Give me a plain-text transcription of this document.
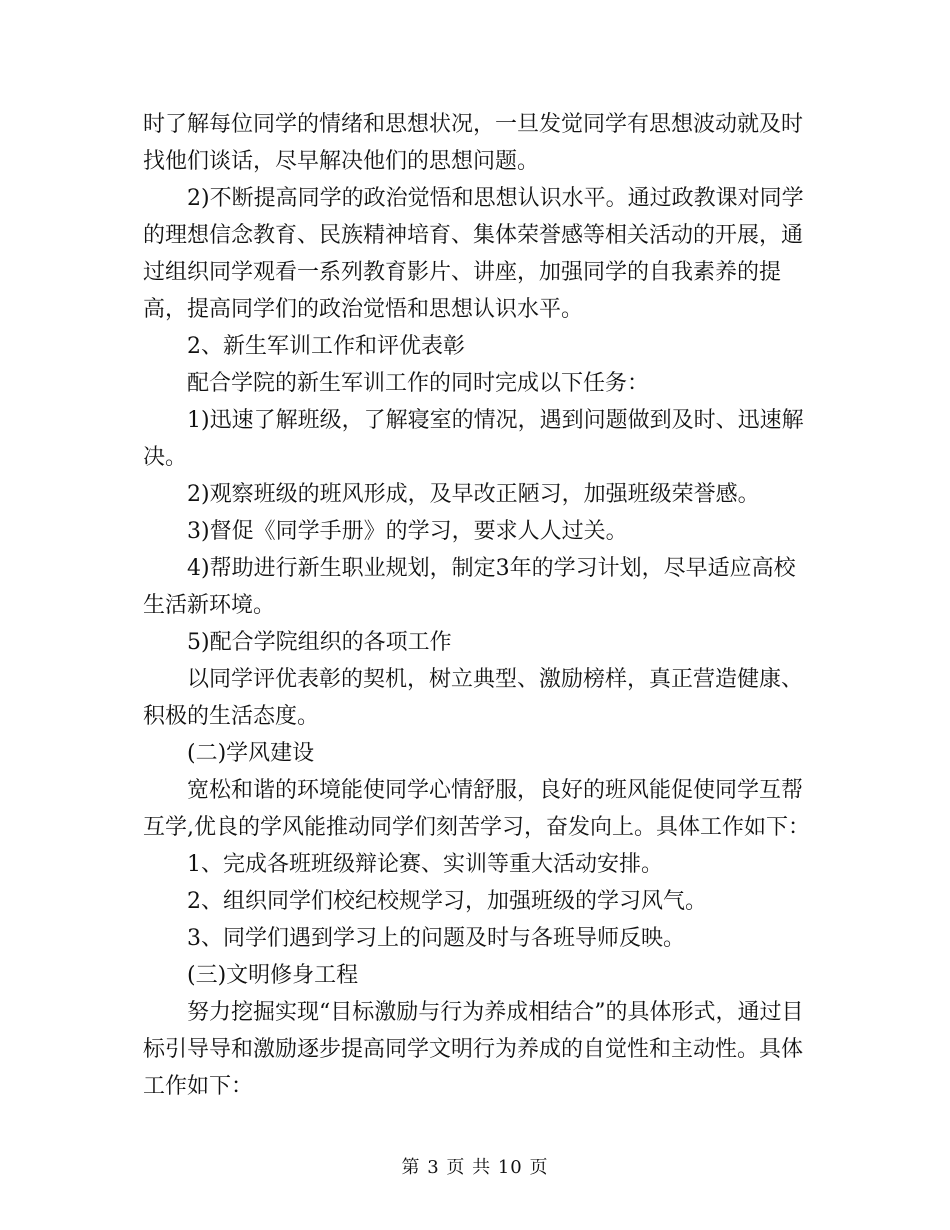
时了解每位同学的情绪和思想状况，一旦发觉同学有思想波动就及时找他们谈话，尽早解决他们的思想问题。

2)不断提高同学的政治觉悟和思想认识水平。通过政教课对同学的理想信念教育、民族精神培育、集体荣誉感等相关活动的开展，通过组织同学观看一系列教育影片、讲座，加强同学的自我素养的提高，提高同学们的政治觉悟和思想认识水平。

2、新生军训工作和评优表彰

配合学院的新生军训工作的同时完成以下任务：

1)迅速了解班级，了解寝室的情况，遇到问题做到及时、迅速解决。

2)观察班级的班风形成，及早改正陋习，加强班级荣誉感。

3)督促《同学手册》的学习，要求人人过关。

4)帮助进行新生职业规划，制定3年的学习计划，尽早适应高校生活新环境。

5)配合学院组织的各项工作

以同学评优表彰的契机，树立典型、激励榜样，真正营造健康、积极的生活态度。

(二)学风建设

宽松和谐的环境能使同学心情舒服，良好的班风能促使同学互帮互学,优良的学风能推动同学们刻苦学习，奋发向上。具体工作如下：

1、完成各班班级辩论赛、实训等重大活动安排。

2、组织同学们校纪校规学习，加强班级的学习风气。

3、同学们遇到学习上的问题及时与各班导师反映。

(三)文明修身工程

努力挖掘实现“目标激励与行为养成相结合”的具体形式，通过目标引导导和激励逐步提高同学文明行为养成的自觉性和主动性。具体工作如下：

第 3 页 共 10 页
